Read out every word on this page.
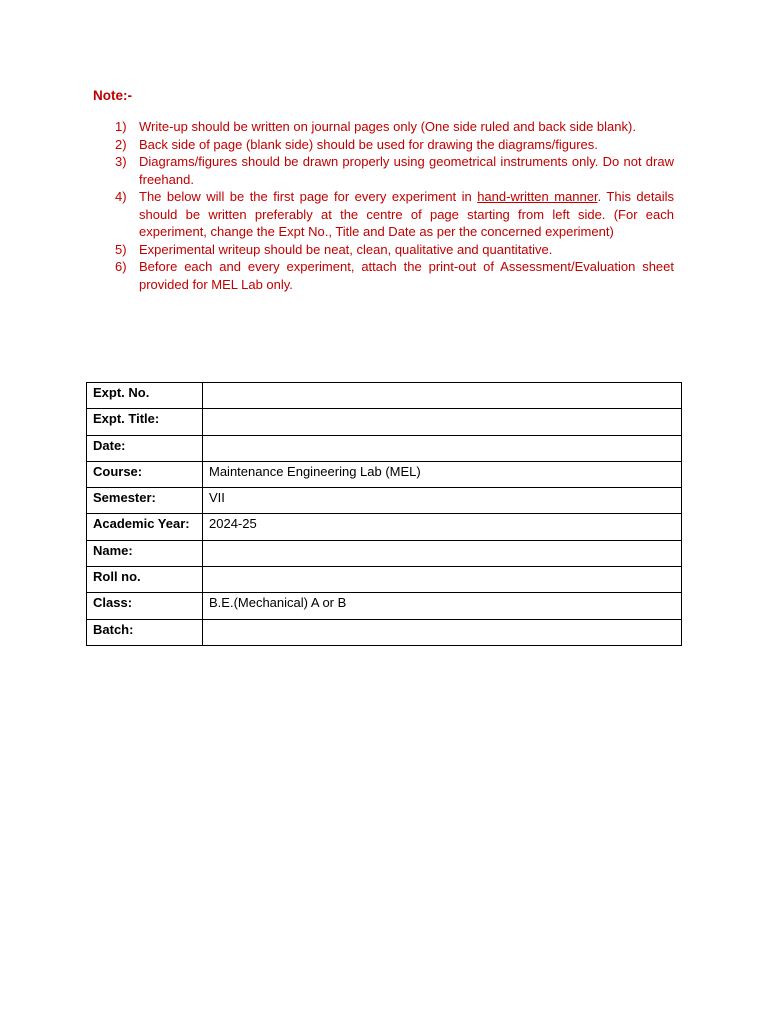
Note:-
1) Write-up should be written on journal pages only (One side ruled and back side blank).
2) Back side of page (blank side) should be used for drawing the diagrams/figures.
3) Diagrams/figures should be drawn properly using geometrical instruments only. Do not draw freehand.
4) The below will be the first page for every experiment in hand-written manner. This details should be written preferably at the centre of page starting from left side. (For each experiment, change the Expt No., Title and Date as per the concerned experiment)
5) Experimental writeup should be neat, clean, qualitative and quantitative.
6) Before each and every experiment, attach the print-out of Assessment/Evaluation sheet provided for MEL Lab only.
Expt. No.	
Expt. Title:	
Date:	
Course:	Maintenance Engineering Lab (MEL)
Semester:	VII
Academic Year:	2024-25
Name:	
Roll no.	
Class:	B.E.(Mechanical) A or B
Batch:	
